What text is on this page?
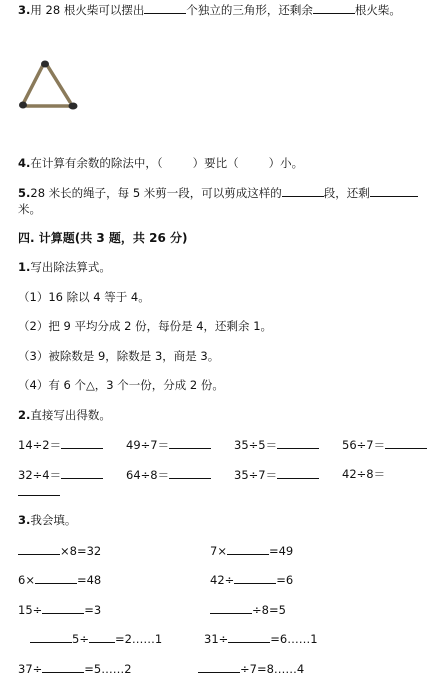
3.用 28 根火柴可以摆出	个独立的三角形，还剩余	根火柴。
4.在计算有余数的除法中，（	）要比（	）小。
5.28 米长的绳子，每 5 米剪一段，可以剪成这样的	段，还剩
米。
四. 计算题(共 3 题，共 26 分)
1.写出除法算式。
（1）16 除以 4 等于 4。
（2）把 9 平均分成 2 份，每份是 4，还剩余 1。
（3）被除数是 9，除数是 3，商是 3。
（4）有 6 个△，3 个一份，分成 2 份。
2.直接写出得数。
14÷2＝	49÷7＝	35÷5＝	56÷7＝
32÷4＝	64÷8＝	35÷7＝	42÷8＝
3.我会填。
×8=32	7×	=49
6×	=48	42÷	=6
15÷	=3	÷8=5
5÷ =2……1	31÷	=6……1
37÷	=5……2	÷7=8……4
